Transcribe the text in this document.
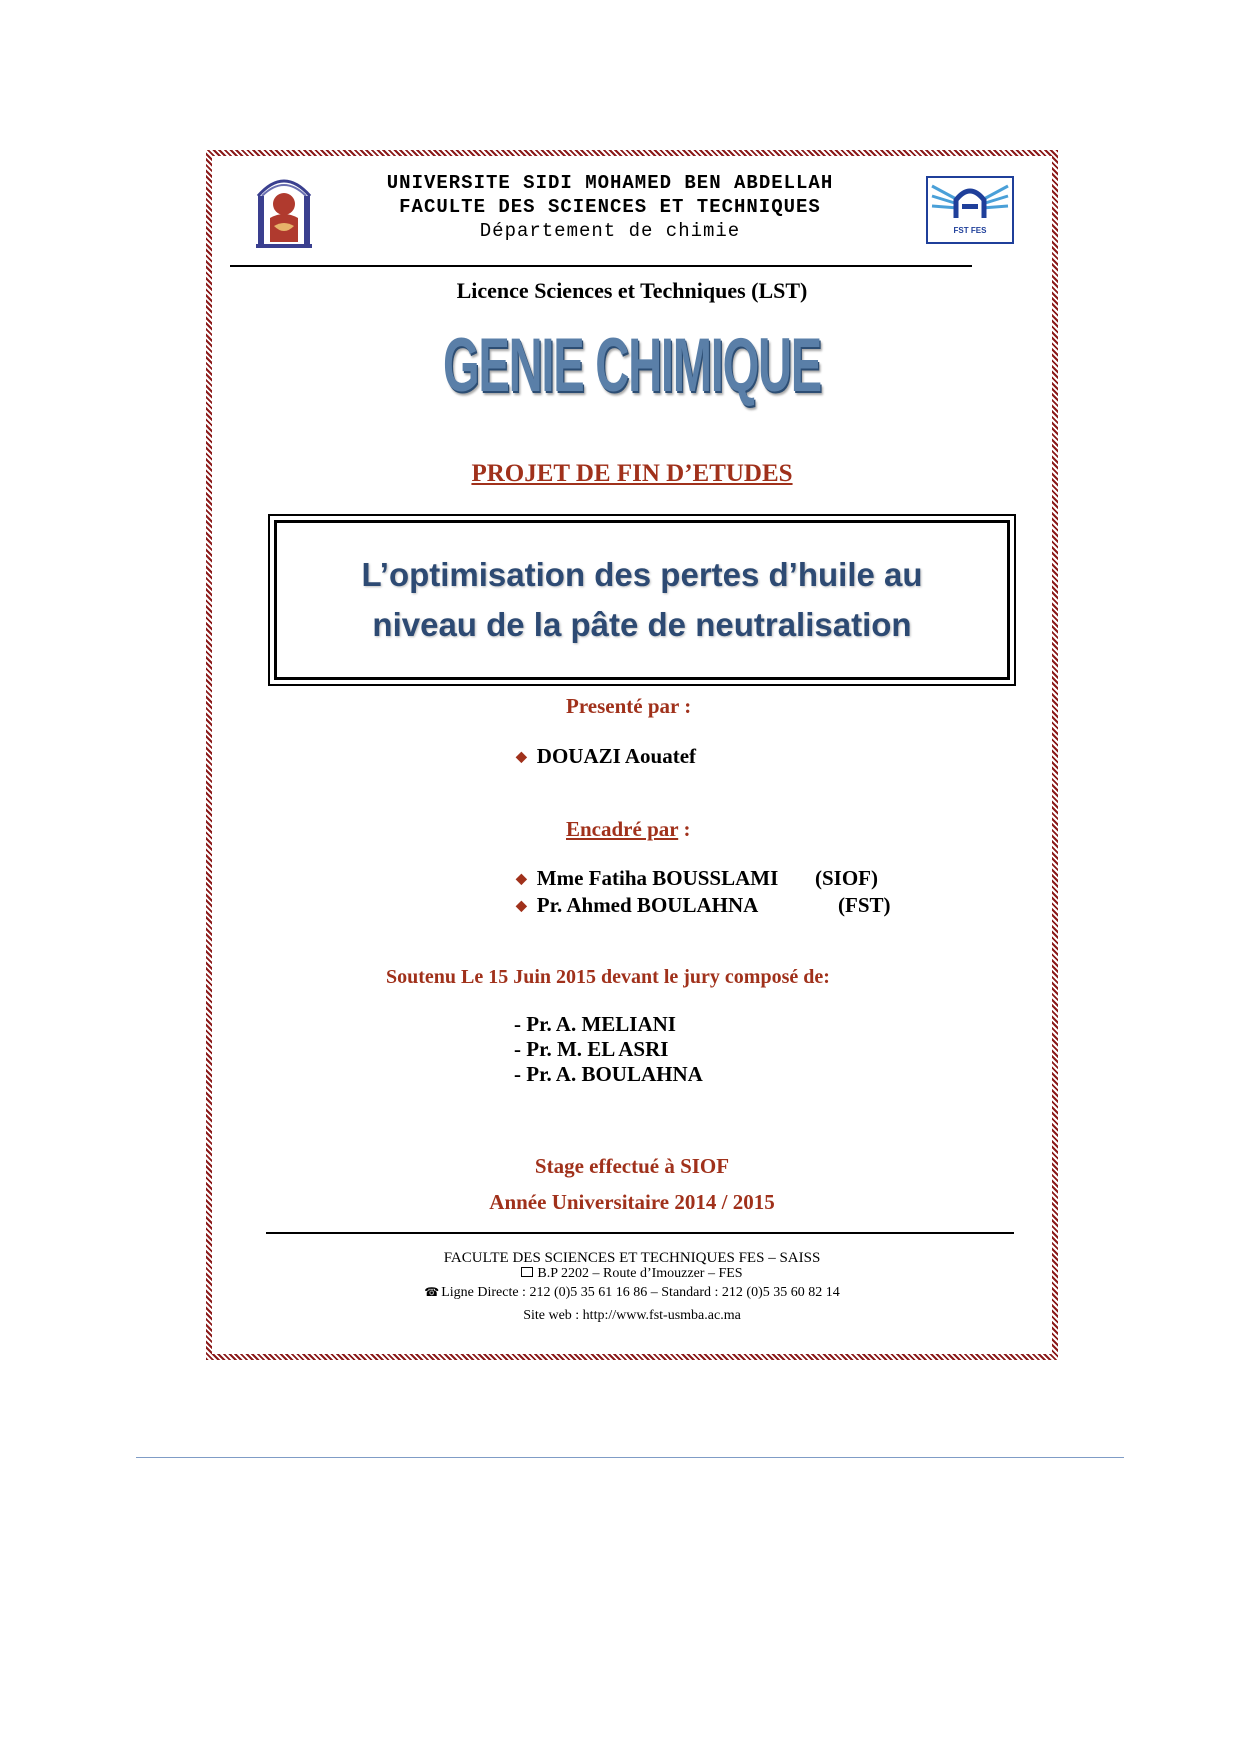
UNIVERSITE SIDI MOHAMED BEN ABDELLAH
FACULTE DES SCIENCES ET TECHNIQUES
Département de chimie	FST FES
Licence Sciences et Techniques (LST)
GENIE CHIMIQUE
PROJET DE FIN D’ETUDES
L’optimisation des pertes d’huile au
niveau de la pâte de neutralisation
Presenté par :
◆ DOUAZI Aouatef
Encadré par :
◆ Mme Fatiha BOUSSLAMI (SIOF)
◆ Pr. Ahmed BOULAHNA	(FST)
Soutenu Le 15 Juin 2015 devant le jury composé de:
- Pr. A. MELIANI
- Pr. M. EL ASRI
- Pr. A. BOULAHNA
Stage effectué à SIOF
Année Universitaire 2014 / 2015
FACULTE DES SCIENCES ET TECHNIQUES FES – SAISS
B.P 2202 – Route d’Imouzzer – FES
☎ Ligne Directe : 212 (0)5 35 61 16 86 – Standard : 212 (0)5 35 60 82 14
Site web : http://www.fst-usmba.ac.ma
